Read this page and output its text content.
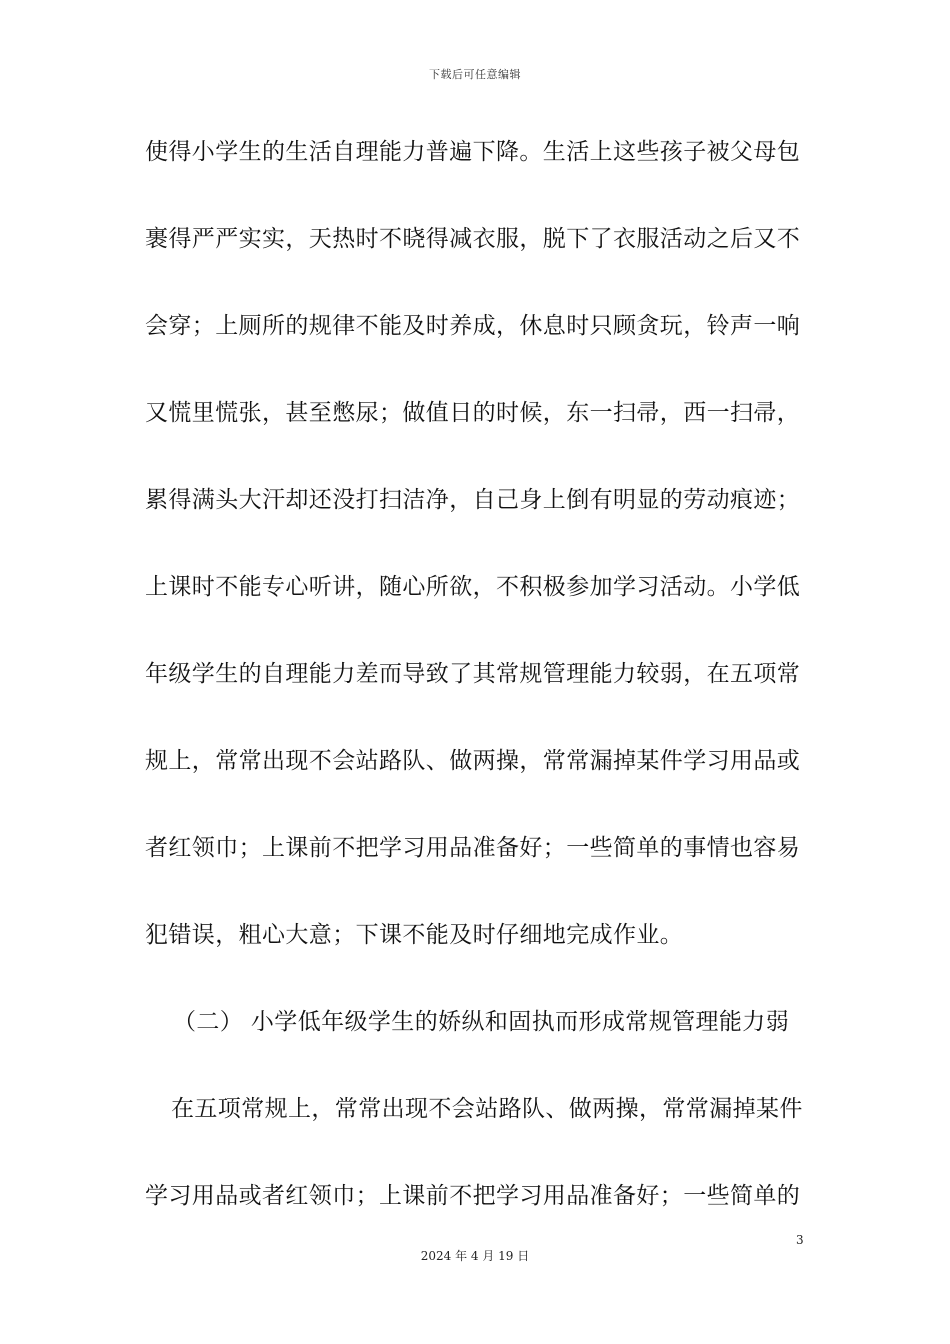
下载后可任意编辑
使得小学生的生活自理能力普遍下降。生活上这些孩子被父母包
裹得严严实实，天热时不晓得减衣服，脱下了衣服活动之后又不
会穿；上厕所的规律不能及时养成，休息时只顾贪玩，铃声一响
又慌里慌张，甚至憋尿；做值日的时候，东一扫帚，西一扫帚，
累得满头大汗却还没打扫洁净，自己身上倒有明显的劳动痕迹；
上课时不能专心听讲，随心所欲，不积极参加学习活动。小学低
年级学生的自理能力差而导致了其常规管理能力较弱，在五项常
规上，常常出现不会站路队、做两操，常常漏掉某件学习用品或
者红领巾；上课前不把学习用品准备好；一些简单的事情也容易
犯错误，粗心大意；下课不能及时仔细地完成作业。
（二） 小学低年级学生的娇纵和固执而形成常规管理能力弱
在五项常规上，常常出现不会站路队、做两操，常常漏掉某件
学习用品或者红领巾；上课前不把学习用品准备好；一些简单的
3
2024 年 4 月 19 日
